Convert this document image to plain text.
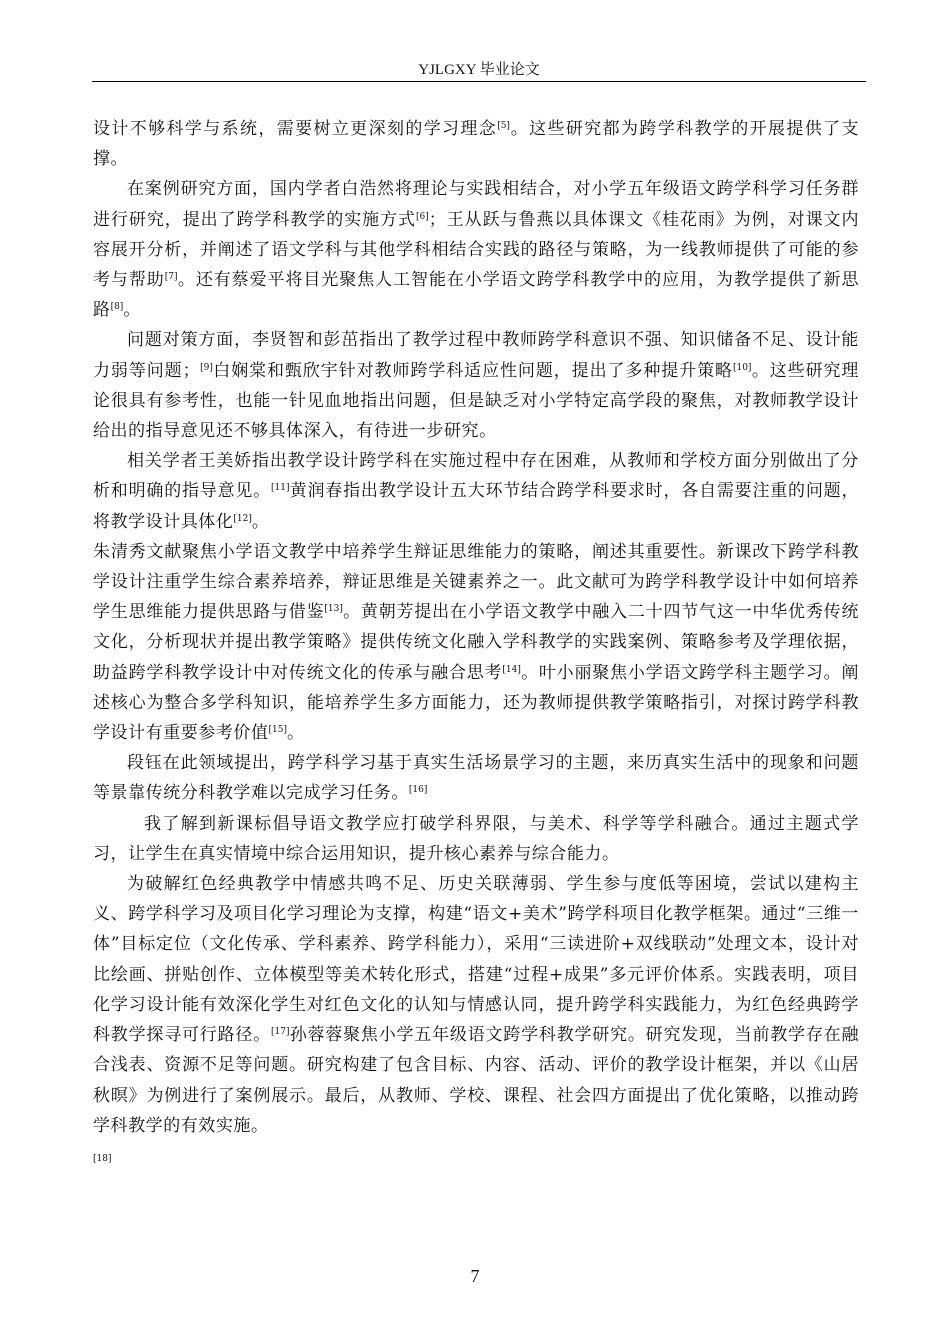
YJLGXY 毕业论文

设计不够科学与系统，需要树立更深刻的学习理念[5]。这些研究都为跨学科教学的开展提供了支撑。

在案例研究方面，国内学者白浩然将理论与实践相结合，对小学五年级语文跨学科学习任务群进行研究，提出了跨学科教学的实施方式[6]；王从跃与鲁燕以具体课文《桂花雨》为例，对课文内容展开分析，并阐述了语文学科与其他学科相结合实践的路径与策略，为一线教师提供了可能的参考与帮助[7]。还有蔡爱平将目光聚焦人工智能在小学语文跨学科教学中的应用，为教学提供了新思路[8]。

问题对策方面，李贤智和彭茁指出了教学过程中教师跨学科意识不强、知识储备不足、设计能力弱等问题；[9]白娴棠和甄欣宇针对教师跨学科适应性问题，提出了多种提升策略[10]。这些研究理论很具有参考性，也能一针见血地指出问题，但是缺乏对小学特定高学段的聚焦，对教师教学设计给出的指导意见还不够具体深入，有待进一步研究。

相关学者王美娇指出教学设计跨学科在实施过程中存在困难，从教师和学校方面分别做出了分析和明确的指导意见。[11]黄润春指出教学设计五大环节结合跨学科要求时，各自需要注重的问题，将教学设计具体化[12]。

朱清秀文献聚焦小学语文教学中培养学生辩证思维能力的策略，阐述其重要性。新课改下跨学科教学设计注重学生综合素养培养，辩证思维是关键素养之一。此文献可为跨学科教学设计中如何培养学生思维能力提供思路与借鉴[13]。黄朝芳提出在小学语文教学中融入二十四节气这一中华优秀传统文化，分析现状并提出教学策略》提供传统文化融入学科教学的实践案例、策略参考及学理依据，助益跨学科教学设计中对传统文化的传承与融合思考[14]。叶小丽聚焦小学语文跨学科主题学习。阐述核心为整合多学科知识，能培养学生多方面能力，还为教师提供教学策略指引，对探讨跨学科教学设计有重要参考价值[15]。

段钰在此领域提出，跨学科学习基于真实生活场景学习的主题，来历真实生活中的现象和问题等景靠传统分科教学难以完成学习任务。[16]

我了解到新课标倡导语文教学应打破学科界限，与美术、科学等学科融合。通过主题式学习，让学生在真实情境中综合运用知识，提升核心素养与综合能力。

为破解红色经典教学中情感共鸣不足、历史关联薄弱、学生参与度低等困境，尝试以建构主义、跨学科学习及项目化学习理论为支撑，构建“语文+美术”跨学科项目化教学框架。通过“三维一体”目标定位（文化传承、学科素养、跨学科能力），采用“三读进阶+双线联动”处理文本，设计对比绘画、拼贴创作、立体模型等美术转化形式，搭建“过程+成果”多元评价体系。实践表明，项目化学习设计能有效深化学生对红色文化的认知与情感认同，提升跨学科实践能力，为红色经典跨学科教学探寻可行路径。[17]孙蓉蓉聚焦小学五年级语文跨学科教学研究。研究发现，当前教学存在融合浅表、资源不足等问题。研究构建了包含目标、内容、活动、评价的教学设计框架，并以《山居秋暝》为例进行了案例展示。最后，从教师、学校、课程、社会四方面提出了优化策略，以推动跨学科教学的有效实施。
[18]

7
